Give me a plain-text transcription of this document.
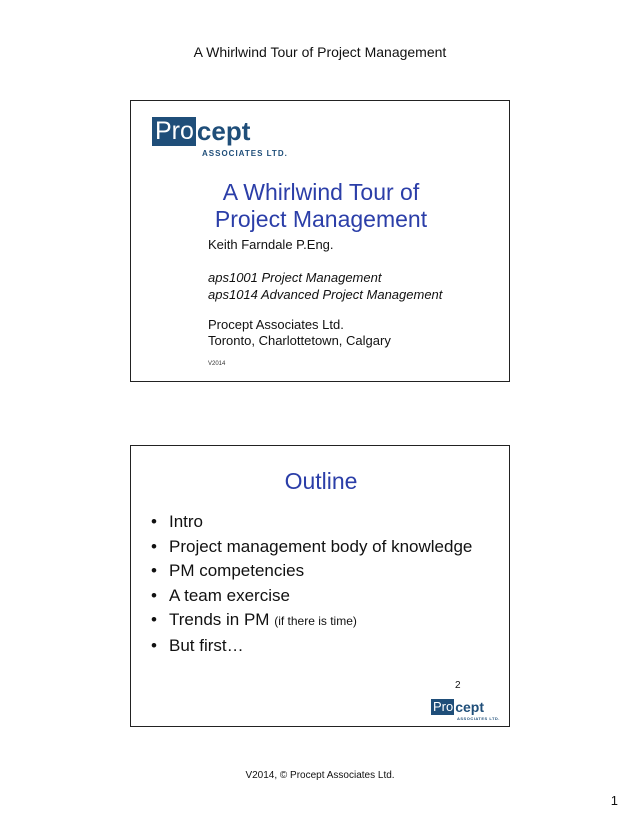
A Whirlwind Tour of Project Management
Pro cept
ASSOCIATES LTD.
A Whirlwind Tour of
Project Management
Keith Farndale P.Eng.
aps1001 Project Management
aps1014 Advanced Project Management
Procept Associates Ltd.
Toronto, Charlottetown, Calgary
V2014
Outline
• Intro
• Project management body of knowledge
• PM competencies
• A team exercise
• Trends in PM (if there is time)
• But first…
2
Pro cept
ASSOCIATES LTD.
V2014, © Procept Associates Ltd.
1
